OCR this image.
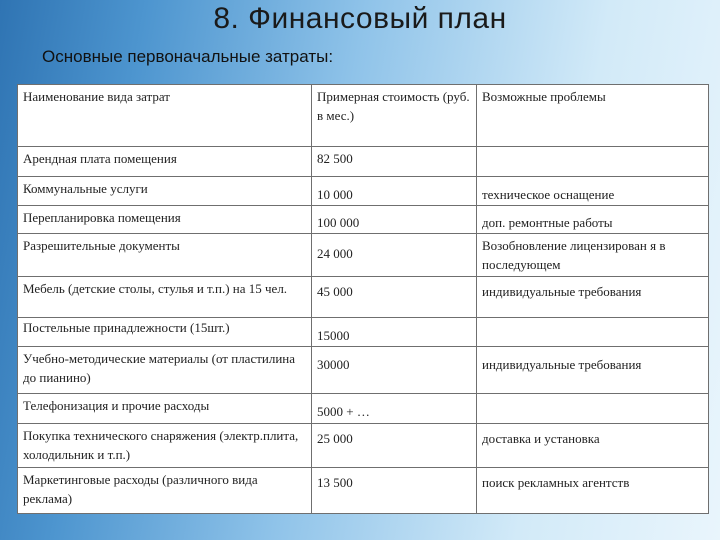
8. Финансовый план
Основные первоначальные затраты:
Наименование вида затрат	Примерная стоимость (руб. в мес.)	Возможные проблемы
Арендная плата помещения	82 500	
Коммунальные услуги	10 000	техническое оснащение
Перепланировка помещения	100 000	доп. ремонтные работы
Разрешительные документы	24 000	Возобновление лицензирован я в последующем
Мебель (детские столы, стулья и т.п.) на 15 чел.	45 000	индивидуальные требования
Постельные принадлежности (15шт.)	15000	
Учебно-методические материалы (от пластилина до пианино)	30000	индивидуальные требования
Телефонизация и прочие расходы	5000 + …	
Покупка технического снаряжения (электр.плита, холодильник и т.п.)	25 000	доставка и установка
Маркетинговые расходы (различного вида реклама)	13 500	поиск рекламных агентств
